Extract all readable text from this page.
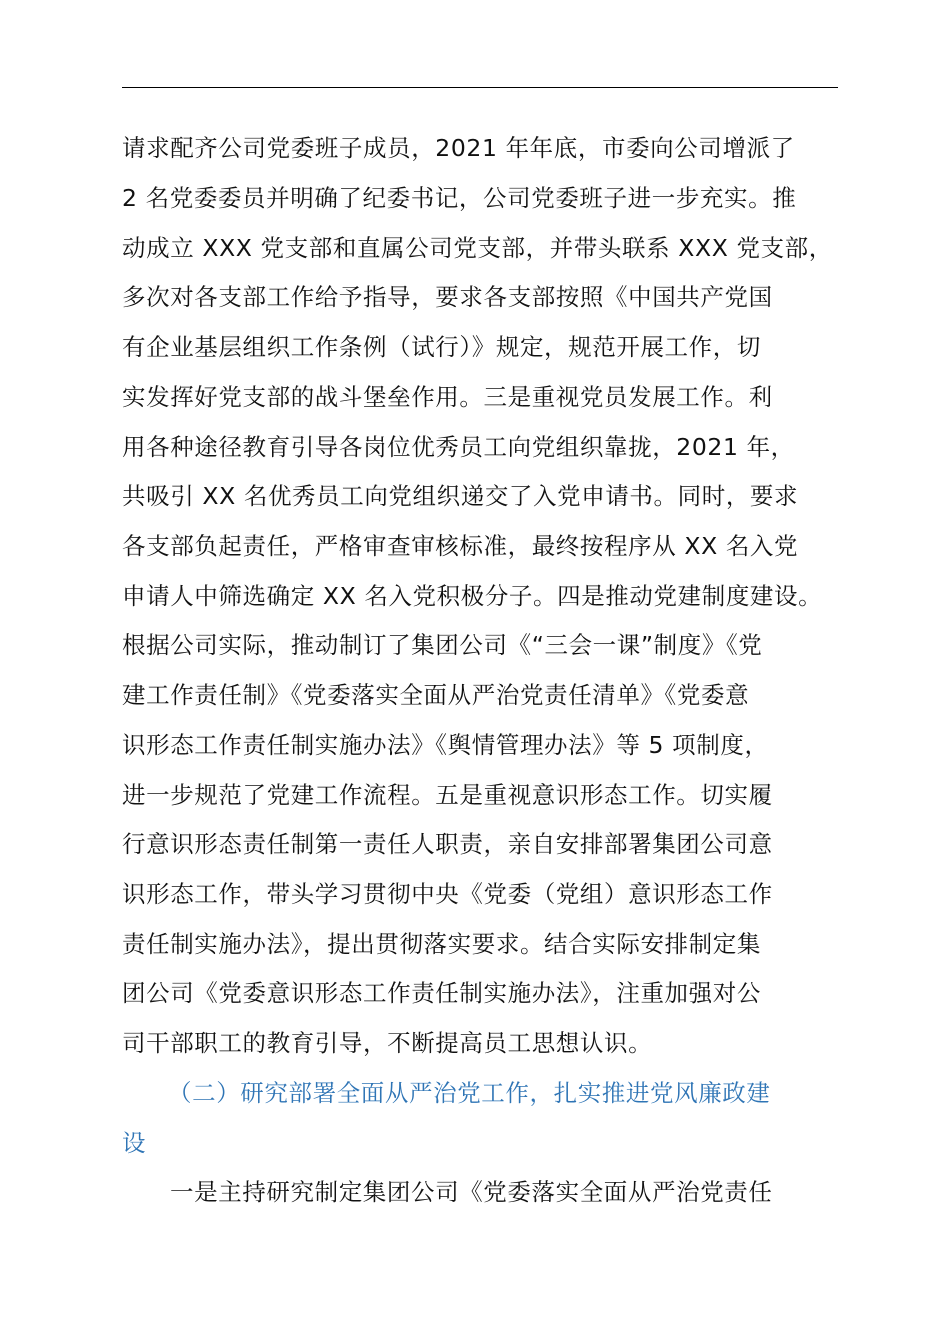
请求配齐公司党委班子成员，2021 年年底，市委向公司增派了
2 名党委委员并明确了纪委书记，公司党委班子进一步充实。推
动成立 XXX 党支部和直属公司党支部，并带头联系 XXX 党支部，
多次对各支部工作给予指导，要求各支部按照《中国共产党国
有企业基层组织工作条例（试行）》规定，规范开展工作，切
实发挥好党支部的战斗堡垒作用。三是重视党员发展工作。利
用各种途径教育引导各岗位优秀员工向党组织靠拢，2021 年，
共吸引 XX 名优秀员工向党组织递交了入党申请书。同时，要求
各支部负起责任，严格审查审核标准，最终按程序从 XX 名入党
申请人中筛选确定 XX 名入党积极分子。四是推动党建制度建设。
根据公司实际，推动制订了集团公司《“三会一课”制度》《党
建工作责任制》《党委落实全面从严治党责任清单》《党委意
识形态工作责任制实施办法》《舆情管理办法》等 5 项制度，
进一步规范了党建工作流程。五是重视意识形态工作。切实履
行意识形态责任制第一责任人职责，亲自安排部署集团公司意
识形态工作，带头学习贯彻中央《党委（党组）意识形态工作
责任制实施办法》，提出贯彻落实要求。结合实际安排制定集
团公司《党委意识形态工作责任制实施办法》，注重加强对公
司干部职工的教育引导，不断提高员工思想认识。
（二）研究部署全面从严治党工作，扎实推进党风廉政建
设
一是主持研究制定集团公司《党委落实全面从严治党责任
